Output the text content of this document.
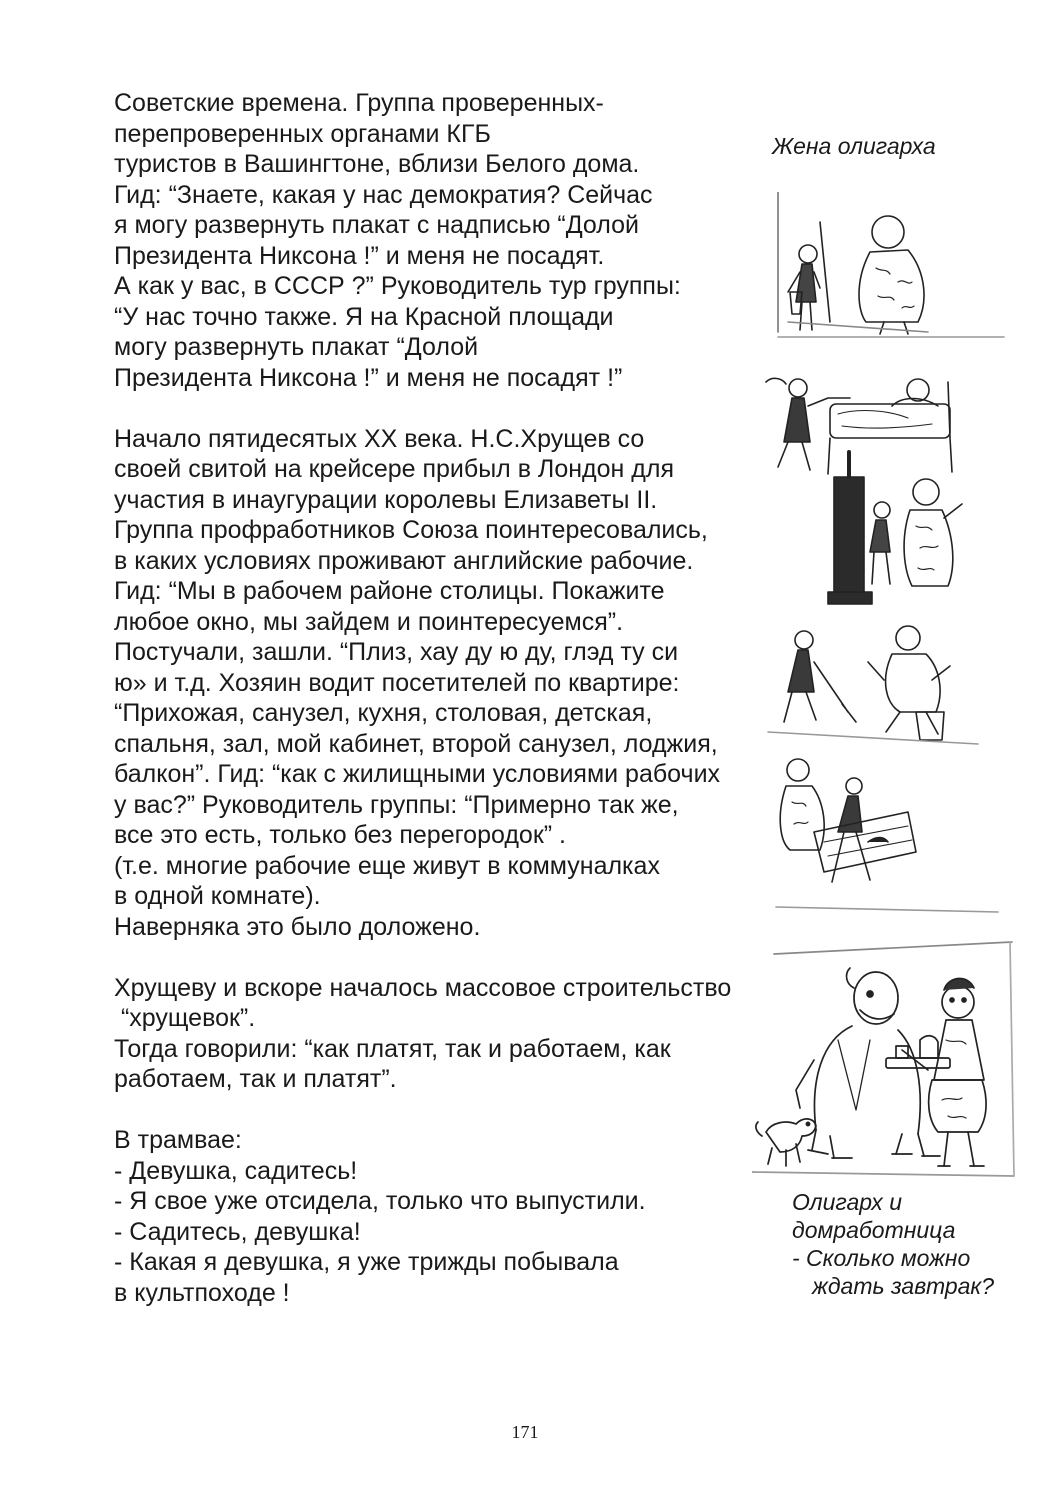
Советские времена. Группа проверенных-
перепроверенных органами КГБ
туристов в Вашингтоне, вблизи Белого дома.
Гид: “Знаете, какая у нас демократия? Сейчас
я могу развернуть плакат с надписью “Долой
Президента Никсона !” и меня не посадят.
А как у вас, в СССР ?” Руководитель тур группы:
“У нас точно также. Я на Красной площади
могу развернуть плакат “Долой
Президента Никсона !” и меня не посадят !”
Начало пятидесятых ХХ века. Н.С.Хрущев со
своей свитой на крейсере прибыл в Лондон для
участия в инаугурации королевы Елизаветы II.
Группа профработников Союза поинтересовались,
в каких условиях проживают английские рабочие.
Гид: “Мы в рабочем районе столицы. Покажите
любое окно, мы зайдем и поинтересуемся”.
Постучали, зашли. “Плиз, хау ду ю ду, глэд ту си
ю» и т.д. Хозяин водит посетителей по квартире:
“Прихожая, санузел, кухня, столовая, детская,
спальня, зал, мой кабинет, второй санузел, лоджия,
балкон”. Гид: “как с жилищными условиями рабочих
у вас?” Руководитель группы: “Примерно так же,
все это есть, только без перегородок” .
(т.е. многие рабочие еще живут в коммуналках
в одной комнате).
Наверняка это было доложено.
Хрущеву и вскоре началось массовое строительство
“хрущевок”.
Тогда говорили: “как платят, так и работаем, как
работаем, так и платят”.
В трамвае:
- Девушка, садитесь!
- Я свое уже отсидела, только что выпустили.
- Садитесь, девушка!
- Какая я девушка, я уже трижды побывала
в культпоходе !
Жена олигарха
Олигарх и
домработница
- Сколько можно
ждать завтрак?
171
